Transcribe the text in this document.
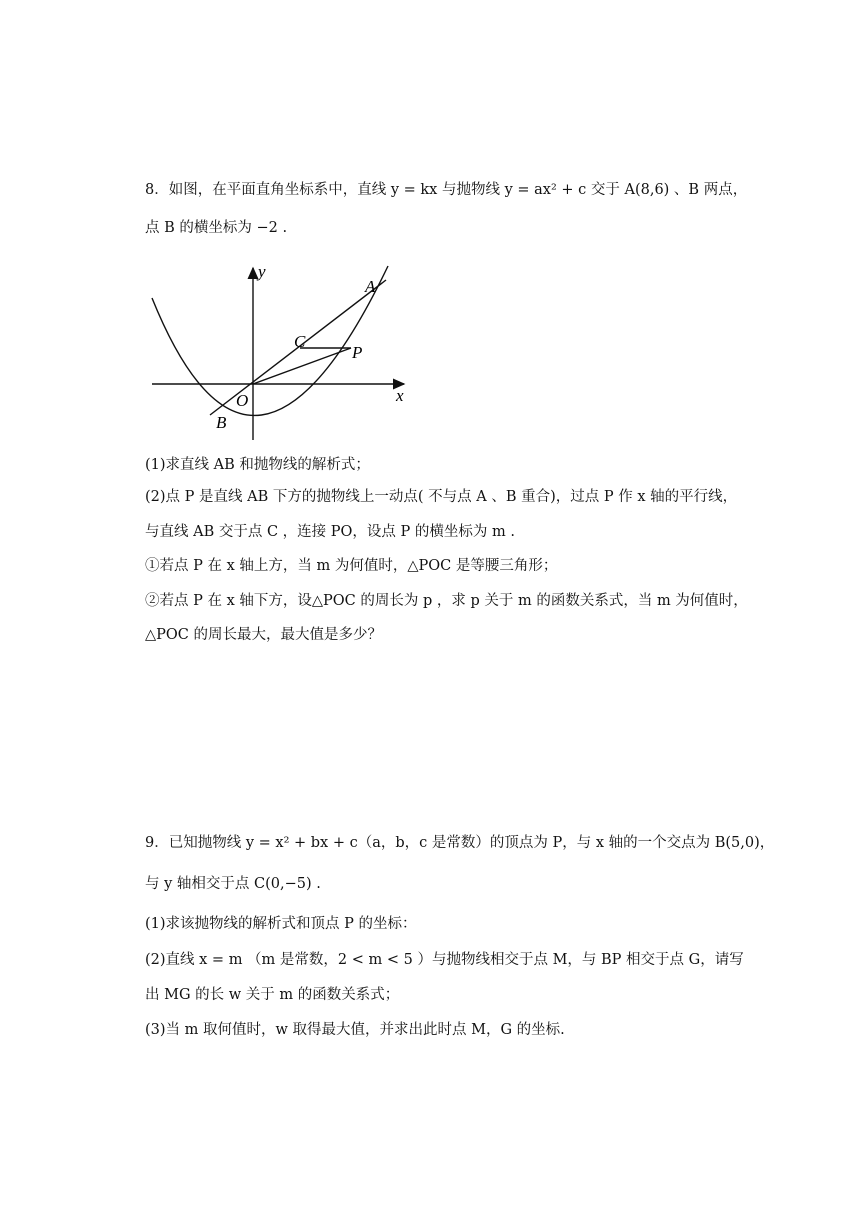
8．如图，在平面直角坐标系中，直线 y = kx 与抛物线 y = ax² + c 交于 A(8,6) 、B 两点，
点 B 的横坐标为 −2 .
y
x
A
C
P
O
B
(1)求直线 AB 和抛物线的解析式；
(2)点 P 是直线 AB 下方的抛物线上一动点( 不与点 A 、B 重合)，过点 P 作 x 轴的平行线，
与直线 AB 交于点 C ，连接 PO，设点 P 的横坐标为 m .
①若点 P 在 x 轴上方，当 m 为何值时，△POC 是等腰三角形；
②若点 P 在 x 轴下方，设△POC 的周长为 p ，求 p 关于 m 的函数关系式，当 m 为何值时，
△POC 的周长最大，最大值是多少？
9．已知抛物线 y = x² + bx + c（a，b，c 是常数）的顶点为 P，与 x 轴的一个交点为 B(5,0)，
与 y 轴相交于点 C(0,−5) .
(1)求该抛物线的解析式和顶点 P 的坐标：
(2)直线 x = m （m 是常数，2 < m < 5 ）与抛物线相交于点 M，与 BP 相交于点 G，请写
出 MG 的长 w 关于 m 的函数关系式；
(3)当 m 取何值时，w 取得最大值，并求出此时点 M，G 的坐标.
